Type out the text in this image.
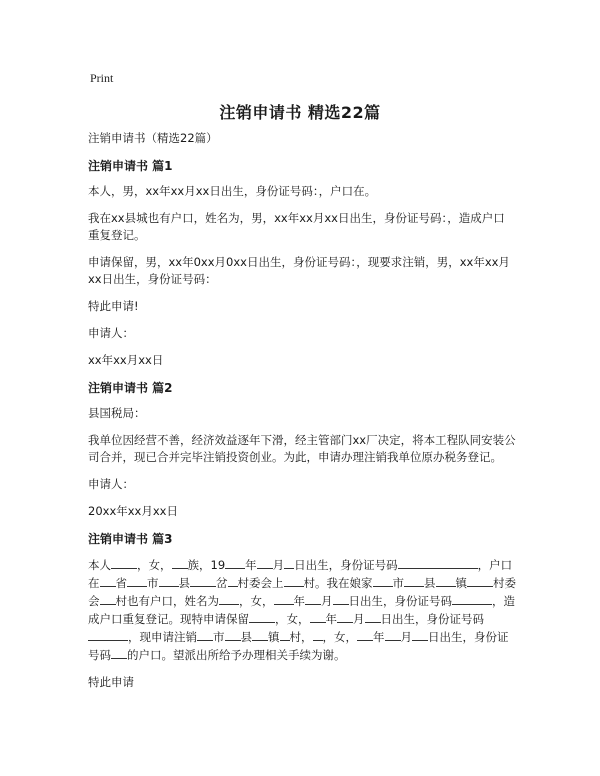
Print
注销申请书 精选22篇

注销申请书（精选22篇）

注销申请书 篇1

本人，男，xx年xx月xx日出生，身份证号码：，户口在。

我在xx县城也有户口，姓名为，男，xx年xx月xx日出生，身份证号码：，造成户口重复登记。

申请保留，男，xx年0xx月0xx日出生，身份证号码：，现要求注销，男，xx年xx月xx日出生，身份证号码：

特此申请!

申请人：

xx年xx月xx日

注销申请书 篇2

县国税局：

我单位因经营不善，经济效益逐年下滑，经主管部门xx厂决定，将本工程队同安装公司合并，现已合并完毕注销投资创业。为此，申请办理注销我单位原办税务登记。

申请人：

20xx年xx月xx日

注销申请书 篇3

本人 ，女， 族，19 年 月 日出生，身份证号码	，户口在 省 市 县 岔 村委会上 村。我在娘家 市 县 镇 村委会 村也有户口，姓名为 ，女， 年 月 日出生，身份证号码	，造成户口重复登记。现特申请保留 ，女， 年 月 日出生，身份证号码，现申请注销 市 县 镇 村， ，女， 年 月 日出生，身份证号码 的户口。望派出所给予办理相关手续为谢。

特此申请
